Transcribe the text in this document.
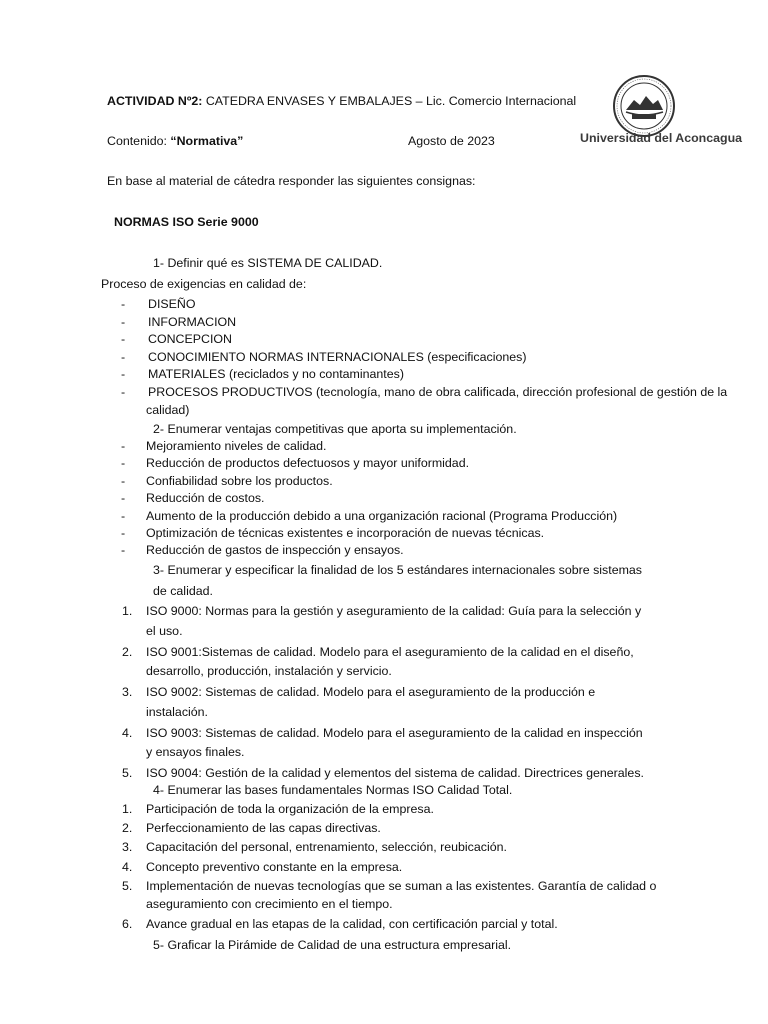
ACTIVIDAD Nº2: CATEDRA ENVASES Y EMBALAJES – Lic. Comercio Internacional
Contenido: “Normativa”	Agosto de 2023	Universidad del Aconcagua
En base al material de cátedra responder las siguientes consignas:
NORMAS ISO Serie 9000
1- Definir qué es SISTEMA DE CALIDAD.
Proceso de exigencias en calidad de:
- DISEÑO
- INFORMACION
- CONCEPCION
- CONOCIMIENTO NORMAS INTERNACIONALES (especificaciones)
- MATERIALES (reciclados y no contaminantes)
- PROCESOS PRODUCTIVOS (tecnología, mano de obra calificada, dirección profesional de gestión de la
calidad)
2- Enumerar ventajas competitivas que aporta su implementación.
- Mejoramiento niveles de calidad.
- Reducción de productos defectuosos y mayor uniformidad.
- Confiabilidad sobre los productos.
- Reducción de costos.
- Aumento de la producción debido a una organización racional (Programa Producción)
- Optimización de técnicas existentes e incorporación de nuevas técnicas.
- Reducción de gastos de inspección y ensayos.
3- Enumerar y especificar la finalidad de los 5 estándares internacionales sobre sistemas
de calidad.
1. ISO 9000: Normas para la gestión y aseguramiento de la calidad: Guía para la selección y
el uso.
2. ISO 9001:Sistemas de calidad. Modelo para el aseguramiento de la calidad en el diseño,
desarrollo, producción, instalación y servicio.
3. ISO 9002: Sistemas de calidad. Modelo para el aseguramiento de la producción e
instalación.
4. ISO 9003: Sistemas de calidad. Modelo para el aseguramiento de la calidad en inspección
y ensayos finales.
5. ISO 9004: Gestión de la calidad y elementos del sistema de calidad. Directrices generales.
4- Enumerar las bases fundamentales Normas ISO Calidad Total.
1. Participación de toda la organización de la empresa.
2. Perfeccionamiento de las capas directivas.
3. Capacitación del personal, entrenamiento, selección, reubicación.
4. Concepto preventivo constante en la empresa.
5. Implementación de nuevas tecnologías que se suman a las existentes. Garantía de calidad o
aseguramiento con crecimiento en el tiempo.
6. Avance gradual en las etapas de la calidad, con certificación parcial y total.
5- Graficar la Pirámide de Calidad de una estructura empresarial.
